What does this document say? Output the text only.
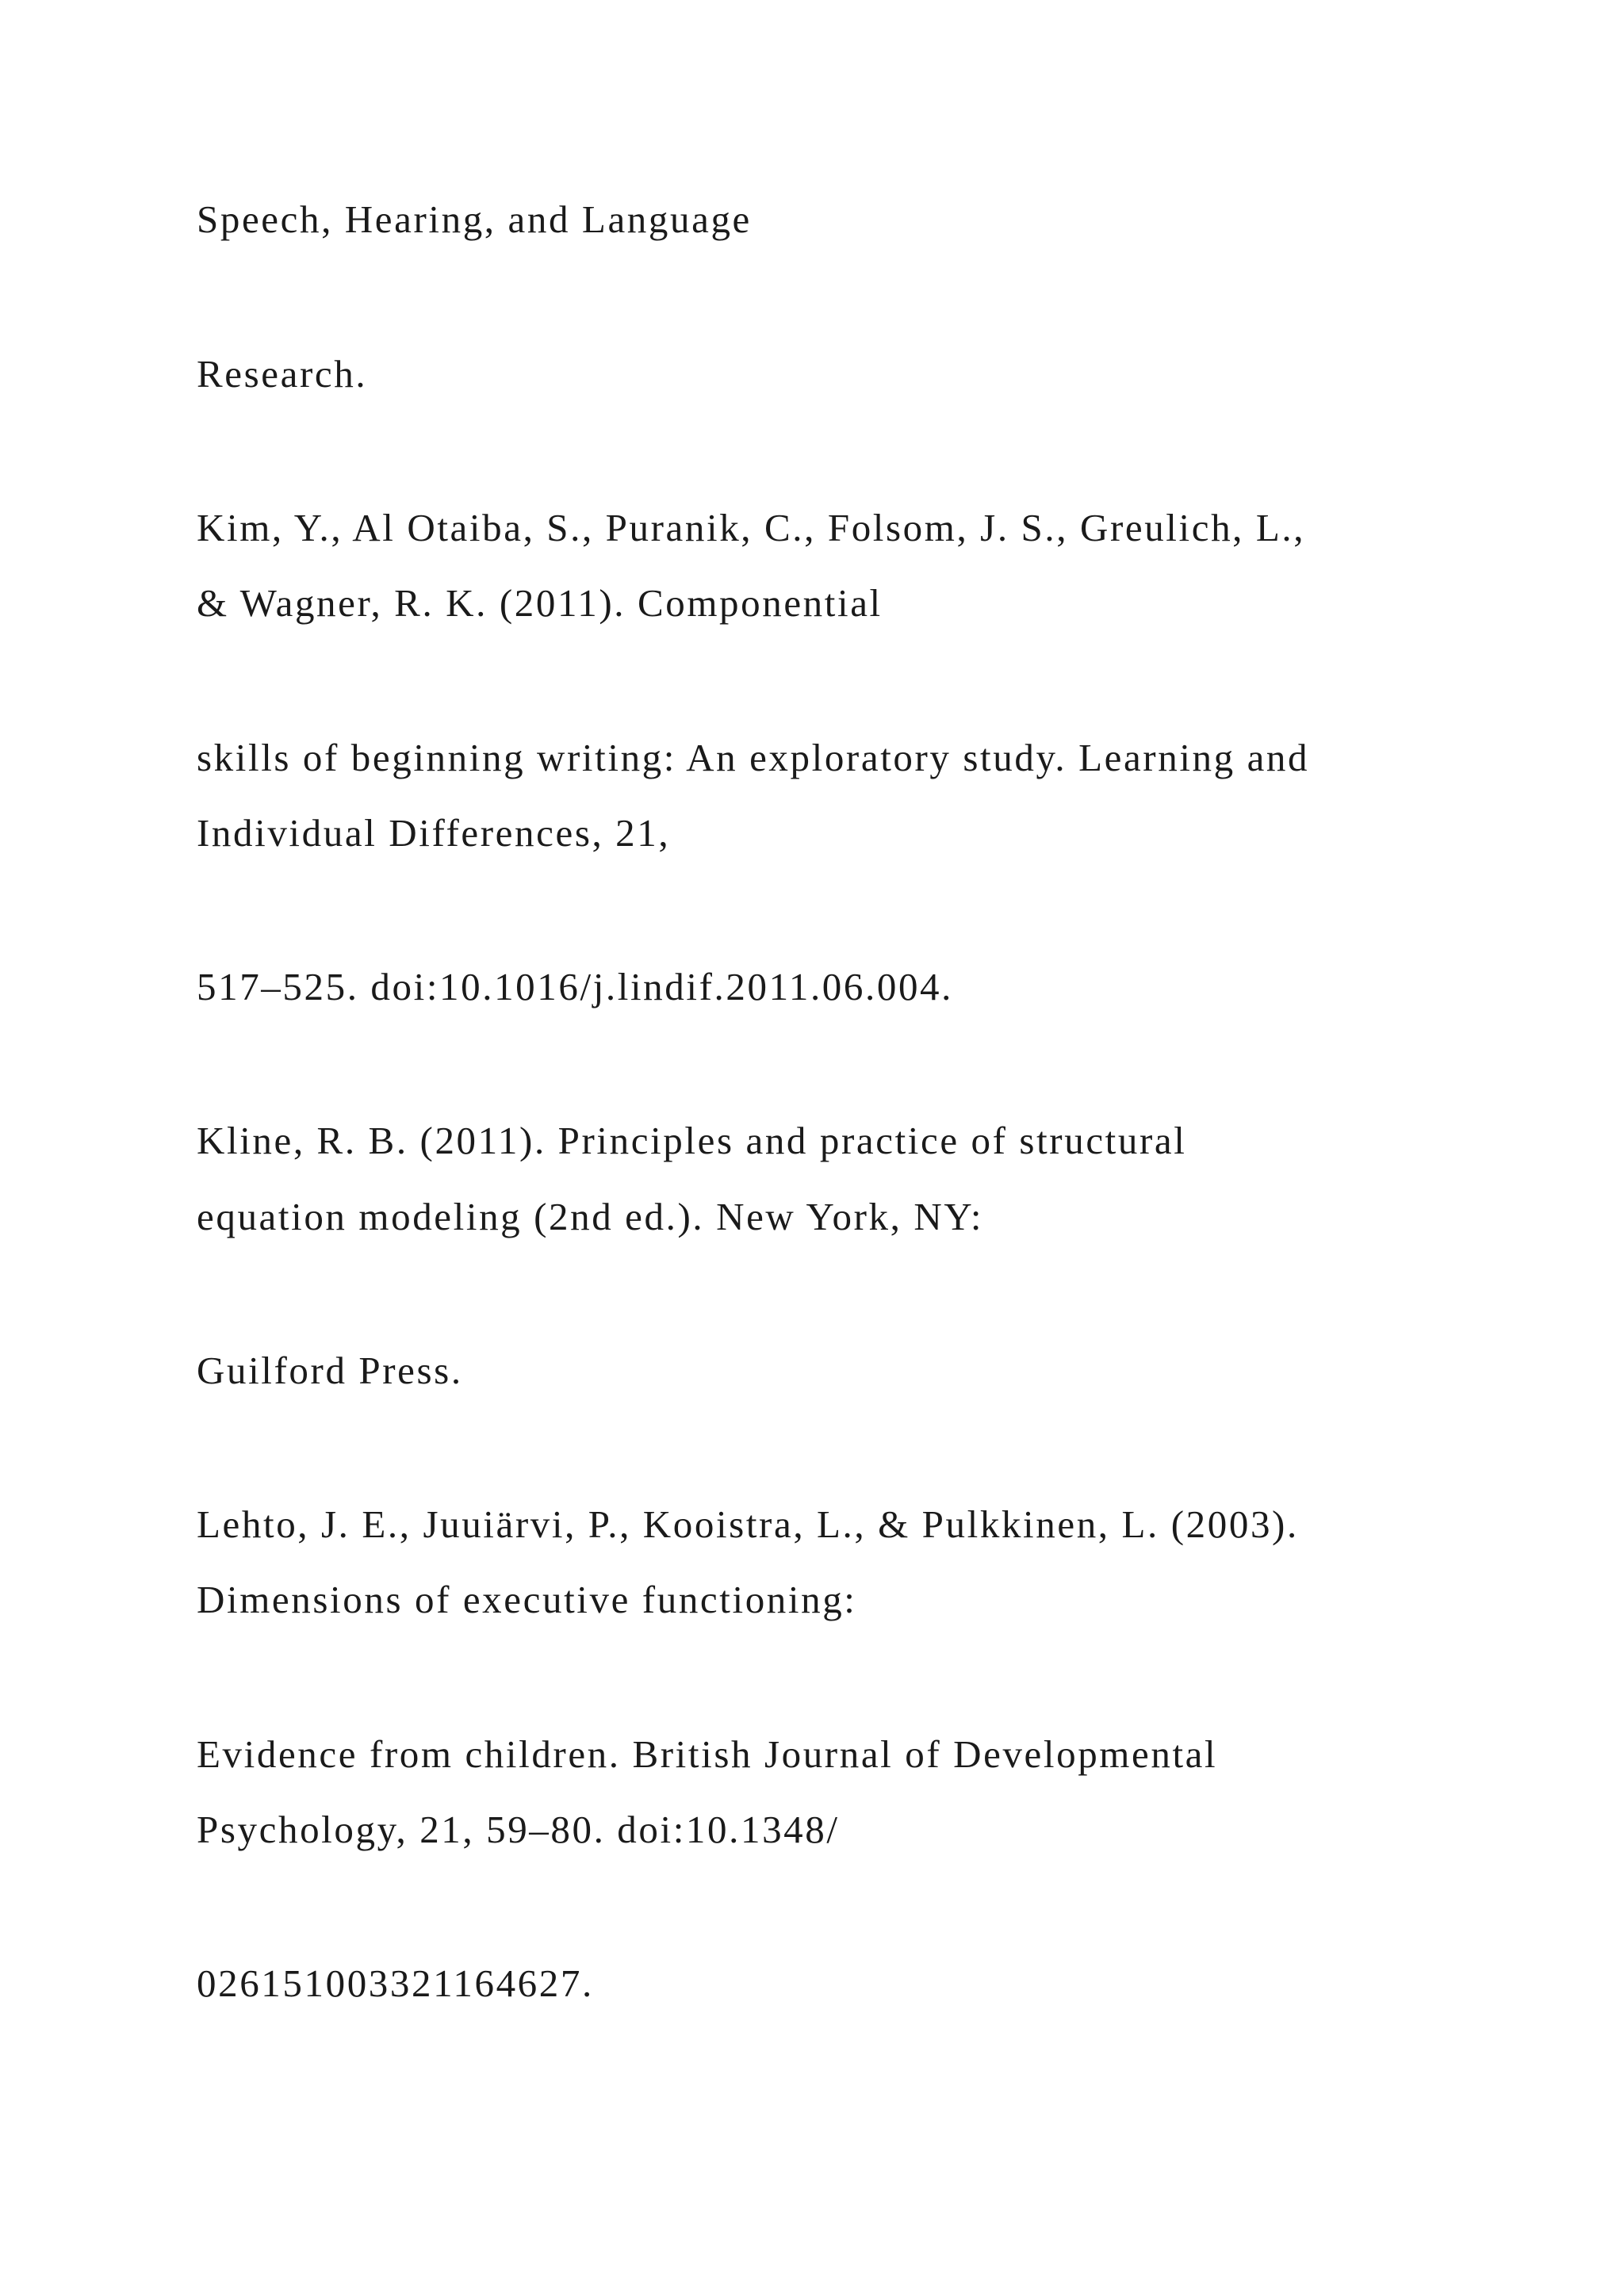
Speech, Hearing, and Language

Research.

Kim, Y., Al Otaiba, S., Puranik, C., Folsom, J. S., Greulich, L.,

& Wagner, R. K. (2011). Componential

skills of beginning writing: An exploratory study. Learning and

Individual Differences, 21,

517–525. doi:10.1016/j.lindif.2011.06.004.

Kline, R. B. (2011). Principles and practice of structural

equation modeling (2nd ed.). New York, NY:

Guilford Press.

Lehto, J. E., Juuiärvi, P., Kooistra, L., & Pulkkinen, L. (2003).

Dimensions of executive functioning:

Evidence from children. British Journal of Developmental

Psychology, 21, 59–80. doi:10.1348/

026151003321164627.
